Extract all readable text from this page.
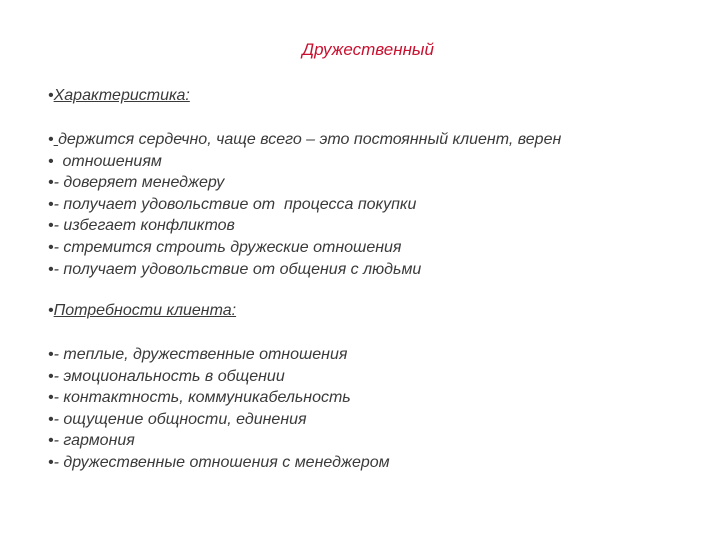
Дружественный
•Характеристика:
• держится сердечно, чаще всего – это постоянный клиент, верен
•  отношениям
•- доверяет менеджеру
•- получает удовольствие от  процесса покупки
•- избегает конфликтов
•- стремится строить дружеские отношения
•- получает удовольствие от общения с людьми
•Потребности клиента:
•- теплые, дружественные отношения
•- эмоциональность в общении
•- контактность, коммуникабельность
•- ощущение общности, единения
•- гармония
•- дружественные отношения с менеджером
